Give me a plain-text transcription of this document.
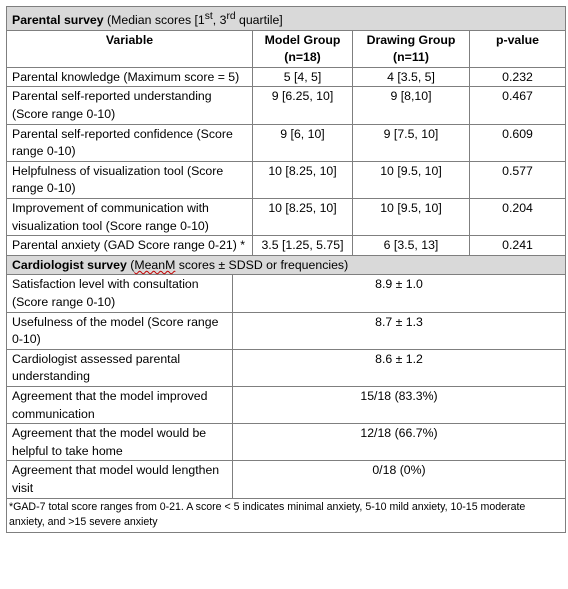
Parental survey (Median scores [1st, 3rd quartile]				
Variable		Model Group (n=18)	Drawing Group (n=11)	p-value
Parental knowledge (Maximum score = 5)		5 [4, 5]	4 [3.5, 5]	0.232
Parental self-reported understanding (Score range 0-10)		9 [6.25, 10]	9 [8,10]	0.467
Parental self-reported confidence (Score range 0-10)		9 [6, 10]	9 [7.5, 10]	0.609
Helpfulness of visualization tool (Score range 0-10)		10 [8.25, 10]	10 [9.5, 10]	0.577
Improvement of communication with visualization tool (Score range 0-10)		10 [8.25, 10]	10 [9.5, 10]	0.204
Parental anxiety (GAD Score range 0-21) *		3.5 [1.25, 5.75]	6 [3.5, 13]	0.241
Cardiologist survey (MeanM scores ± SDSD or frequencies)				
Satisfaction level with consultation (Score range 0-10)	8.9 ± 1.0			
Usefulness of the model (Score range 0-10)	8.7 ± 1.3			
Cardiologist assessed parental understanding	8.6 ± 1.2			
Agreement that the model improved communication	15/18 (83.3%)			
Agreement that the model would be helpful to take home	12/18 (66.7%)			
Agreement that model would lengthen visit	0/18 (0%)			
*GAD-7 total score ranges from 0-21. A score < 5 indicates minimal anxiety, 5-10 mild anxiety, 10-15 moderate anxiety, and >15 severe anxiety				
